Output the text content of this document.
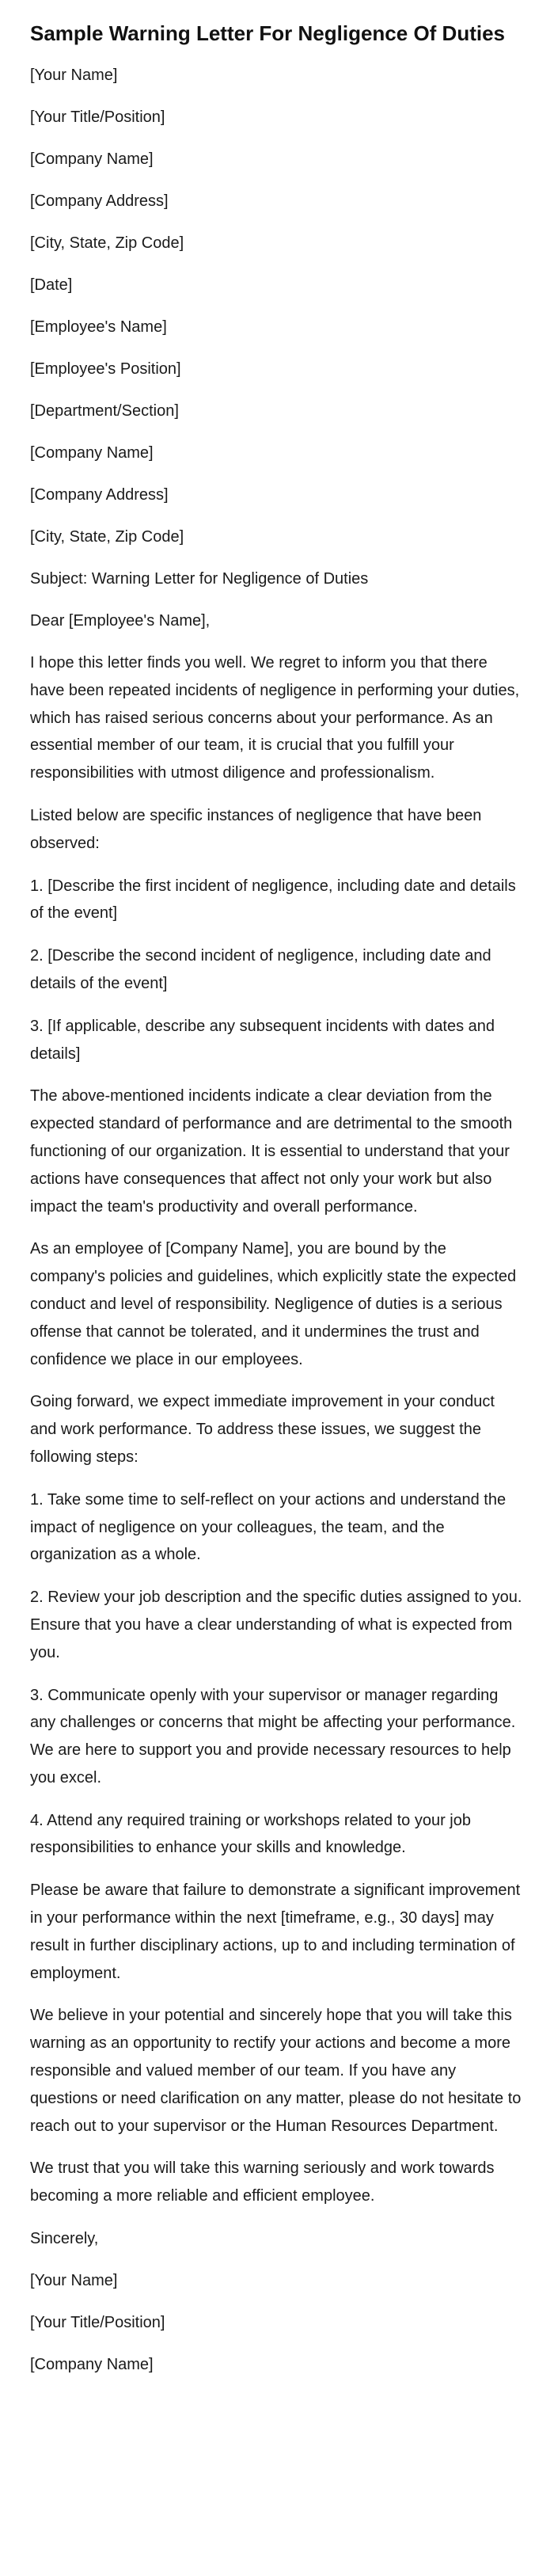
Sample Warning Letter For Negligence Of Duties
[Your Name]
[Your Title/Position]
[Company Name]
[Company Address]
[City, State, Zip Code]
[Date]
[Employee's Name]
[Employee's Position]
[Department/Section]
[Company Name]
[Company Address]
[City, State, Zip Code]
Subject: Warning Letter for Negligence of Duties
Dear [Employee's Name],

I hope this letter finds you well. We regret to inform you that there have been repeated incidents of negligence in performing your duties, which has raised serious concerns about your performance. As an essential member of our team, it is crucial that you fulfill your responsibilities with utmost diligence and professionalism.

Listed below are specific instances of negligence that have been observed:

1. [Describe the first incident of negligence, including date and details of the event]

2. [Describe the second incident of negligence, including date and details of the event]

3. [If applicable, describe any subsequent incidents with dates and details]

The above-mentioned incidents indicate a clear deviation from the expected standard of performance and are detrimental to the smooth functioning of our organization. It is essential to understand that your actions have consequences that affect not only your work but also impact the team's productivity and overall performance.

As an employee of [Company Name], you are bound by the company's policies and guidelines, which explicitly state the expected conduct and level of responsibility. Negligence of duties is a serious offense that cannot be tolerated, and it undermines the trust and confidence we place in our employees.

Going forward, we expect immediate improvement in your conduct and work performance. To address these issues, we suggest the following steps:

1. Take some time to self-reflect on your actions and understand the impact of negligence on your colleagues, the team, and the organization as a whole.

2. Review your job description and the specific duties assigned to you. Ensure that you have a clear understanding of what is expected from you.

3. Communicate openly with your supervisor or manager regarding any challenges or concerns that might be affecting your performance. We are here to support you and provide necessary resources to help you excel.

4. Attend any required training or workshops related to your job responsibilities to enhance your skills and knowledge.

Please be aware that failure to demonstrate a significant improvement in your performance within the next [timeframe, e.g., 30 days] may result in further disciplinary actions, up to and including termination of employment.

We believe in your potential and sincerely hope that you will take this warning as an opportunity to rectify your actions and become a more responsible and valued member of our team. If you have any questions or need clarification on any matter, please do not hesitate to reach out to your supervisor or the Human Resources Department.

We trust that you will take this warning seriously and work towards becoming a more reliable and efficient employee.

Sincerely,
[Your Name]
[Your Title/Position]
[Company Name]
